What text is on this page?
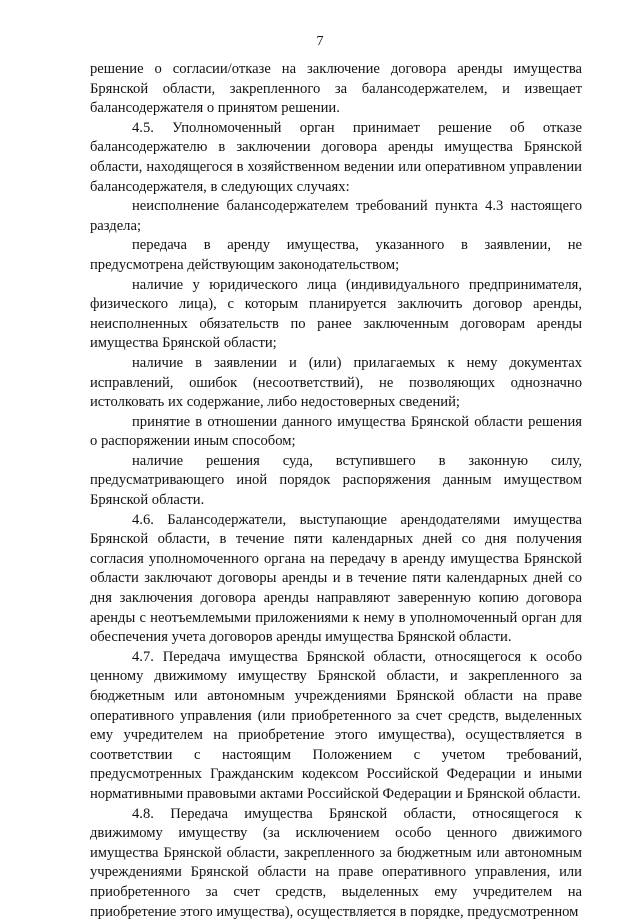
7

решение о согласии/отказе на заключение договора аренды имущества Брянской области, закрепленного за балансодержателем, и извещает балансодержателя о принятом решении.

4.5. Уполномоченный орган принимает решение об отказе балансодержателю в заключении договора аренды имущества Брянской области, находящегося в хозяйственном ведении или оперативном управлении балансодержателя, в следующих случаях:

неисполнение балансодержателем требований пункта 4.3 настоящего раздела;

передача в аренду имущества, указанного в заявлении, не предусмотрена действующим законодательством;

наличие у юридического лица (индивидуального предпринимателя, физического лица), с которым планируется заключить договор аренды, неисполненных обязательств по ранее заключенным договорам аренды имущества Брянской области;

наличие в заявлении и (или) прилагаемых к нему документах исправлений, ошибок (несоответствий), не позволяющих однозначно истолковать их содержание, либо недостоверных сведений;

принятие в отношении данного имущества Брянской области решения о распоряжении иным способом;

наличие решения суда, вступившего в законную силу, предусматривающего иной порядок распоряжения данным имуществом Брянской области.

4.6. Балансодержатели, выступающие арендодателями имущества Брянской области, в течение пяти календарных дней со дня получения согласия уполномоченного органа на передачу в аренду имущества Брянской области заключают договоры аренды и в течение пяти календарных дней со дня заключения договора аренды направляют заверенную копию договора аренды с неотъемлемыми приложениями к нему в уполномоченный орган для обеспечения учета договоров аренды имущества Брянской области.

4.7. Передача имущества Брянской области, относящегося к особо ценному движимому имуществу Брянской области, и закрепленного за бюджетным или автономным учреждениями Брянской области на праве оперативного управления (или приобретенного за счет средств, выделенных ему учредителем на приобретение этого имущества), осуществляется в соответствии с настоящим Положением с учетом требований, предусмотренных Гражданским кодексом Российской Федерации и иными нормативными правовыми актами Российской Федерации и Брянской области.

4.8. Передача имущества Брянской области, относящегося к движимому имуществу (за исключением особо ценного движимого имущества Брянской области, закрепленного за бюджетным или автономным учреждениями Брянской области на праве оперативного управления, или приобретенного за счет средств, выделенных ему учредителем на приобретение этого имущества), осуществляется в порядке, предусмотренном
